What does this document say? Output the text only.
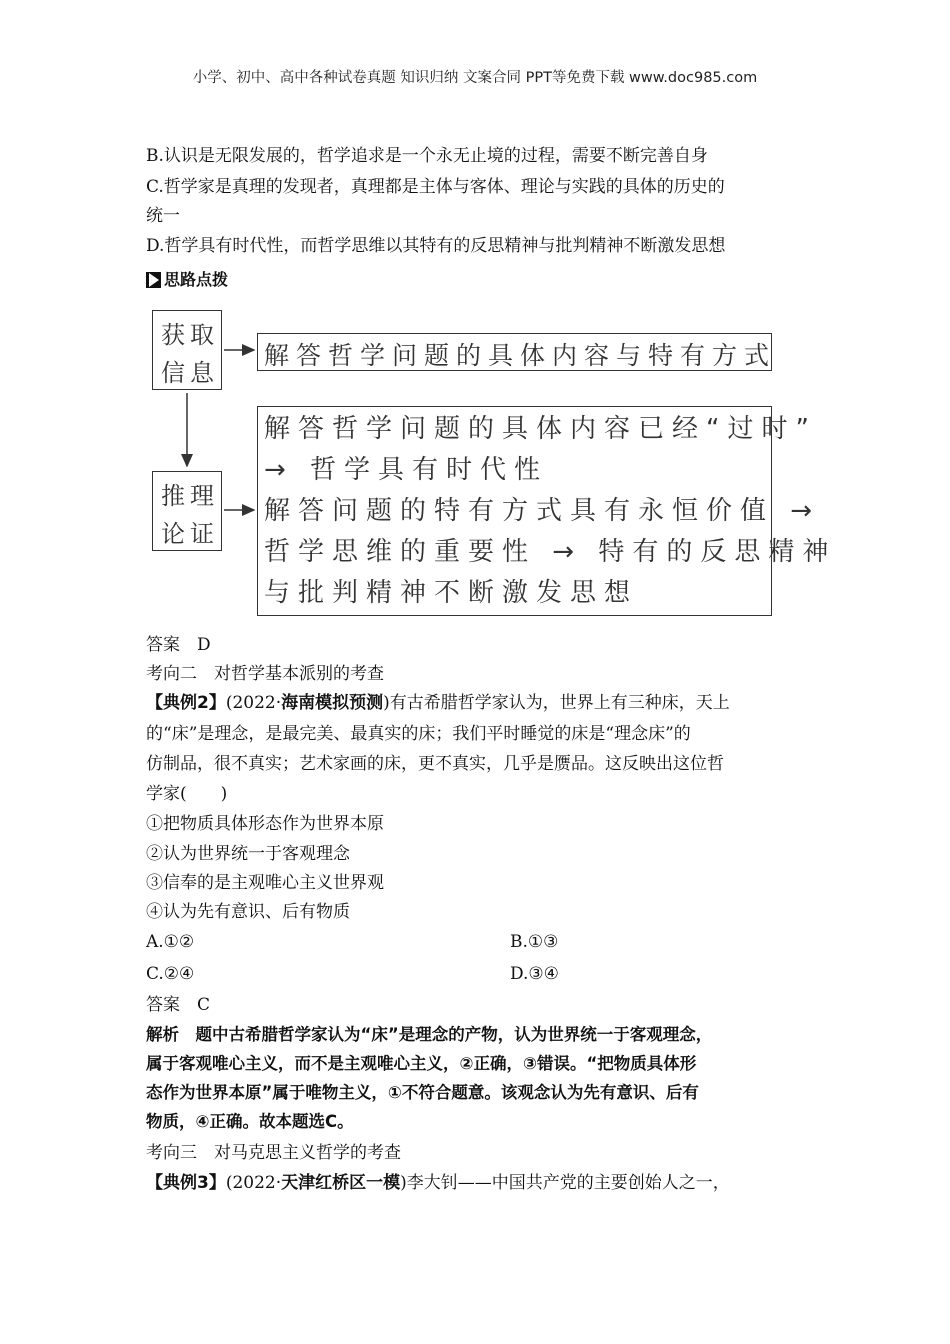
小学、初中、高中各种试卷真题 知识归纳 文案合同 PPT等免费下载 www.doc985.com
B.认识是无限发展的，哲学追求是一个永无止境的过程，需要不断完善自身
C.哲学家是真理的发现者，真理都是主体与客体、理论与实践的具体的历史的
统一
D.哲学具有时代性，而哲学思维以其特有的反思精神与批判精神不断激发思想
思路点拨
获取
信息
推理
论证
解答哲学问题的具体内容与特有方式
解答哲学问题的具体内容已经“过时”
→ 哲学具有时代性
解答问题的特有方式具有永恒价值 →
哲学思维的重要性 → 特有的反思精神
与批判精神不断激发思想
答案　D
考向二　对哲学基本派别的考查
【典例2】(2022·海南模拟预测)有古希腊哲学家认为，世界上有三种床，天上
的“床”是理念，是最完美、最真实的床；我们平时睡觉的床是“理念床”的
仿制品，很不真实；艺术家画的床，更不真实，几乎是赝品。这反映出这位哲
学家(　　)
①把物质具体形态作为世界本原
②认为世界统一于客观理念
③信奉的是主观唯心主义世界观
④认为先有意识、后有物质
A.①②	B.①③
C.②④	D.③④
答案　C
解析　题中古希腊哲学家认为“床”是理念的产物，认为世界统一于客观理念，
属于客观唯心主义，而不是主观唯心主义，②正确，③错误。“把物质具体形
态作为世界本原”属于唯物主义，①不符合题意。该观念认为先有意识、后有
物质，④正确。故本题选C。
考向三　对马克思主义哲学的考查
【典例3】(2022·天津红桥区一模)李大钊——中国共产党的主要创始人之一，
